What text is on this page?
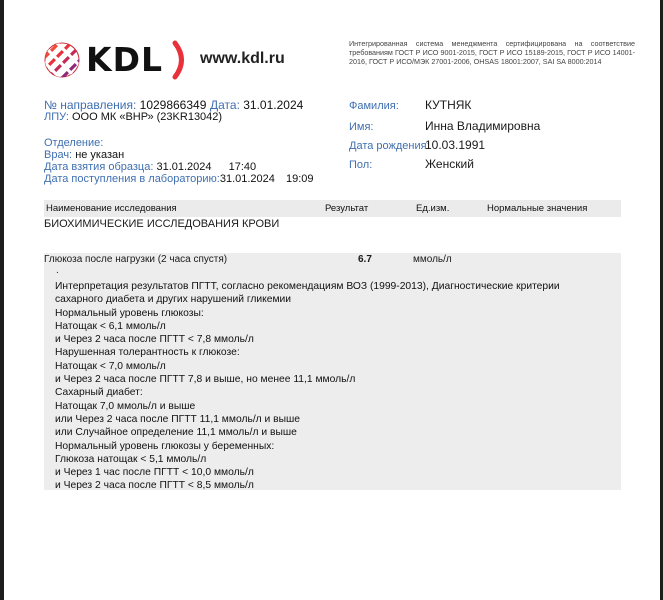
KDL www.kdl.ru
Интегрированная система менеджмента сертифицирована на соответствие требованиям ГОСТ Р ИСО 9001-2015, ГОСТ Р ИСО 15189-2015, ГОСТ Р ИСО 14001-2016, ГОСТ Р ИСО/МЭК 27001-2006, OHSAS 18001:2007, SAI SA 8000:2014
№ направления: 1029866349 Дата: 31.01.2024
ЛПУ: ООО МК «ВНР» (23KR13042)
Отделение:
Врач: не указан
Дата взятия образца: 31.01.2024 17:40
Дата поступления в лабораторию:31.01.2024 19:09
Фамилия: КУТНЯК
Имя:	Инна Владимировна
Дата рождения:
10.03.1991
Пол:	Женский
Наименование исследования	Результат	Ед.изм.	Нормальные значения
БИОХИМИЧЕСКИЕ ИССЛЕДОВАНИЯ КРОВИ
Глюкоза после нагрузки (2 часа спустя)	6.7	ммоль/л
.
Интерпретация результатов ПГТТ, согласно рекомендациям ВОЗ (1999-2013), Диагностические критерии
сахарного диабета и других нарушений гликемии
Нормальный уровень глюкозы:
Натощак < 6,1 ммоль/л
и Через 2 часа после ПГТТ < 7,8 ммоль/л
Нарушенная толерантность к глюкозе:
Натощак < 7,0 ммоль/л
и Через 2 часа после ПГТТ 7,8 и выше, но менее 11,1 ммоль/л
Сахарный диабет:
Натощак 7,0 ммоль/л и выше
или Через 2 часа после ПГТТ 11,1 ммоль/л и выше
или Случайное определение 11,1 ммоль/л и выше
Нормальный уровень глюкозы у беременных:
Глюкоза натощак < 5,1 ммоль/л
и Через 1 час после ПГТТ < 10,0 ммоль/л
и Через 2 часа после ПГТТ < 8,5 ммоль/л
